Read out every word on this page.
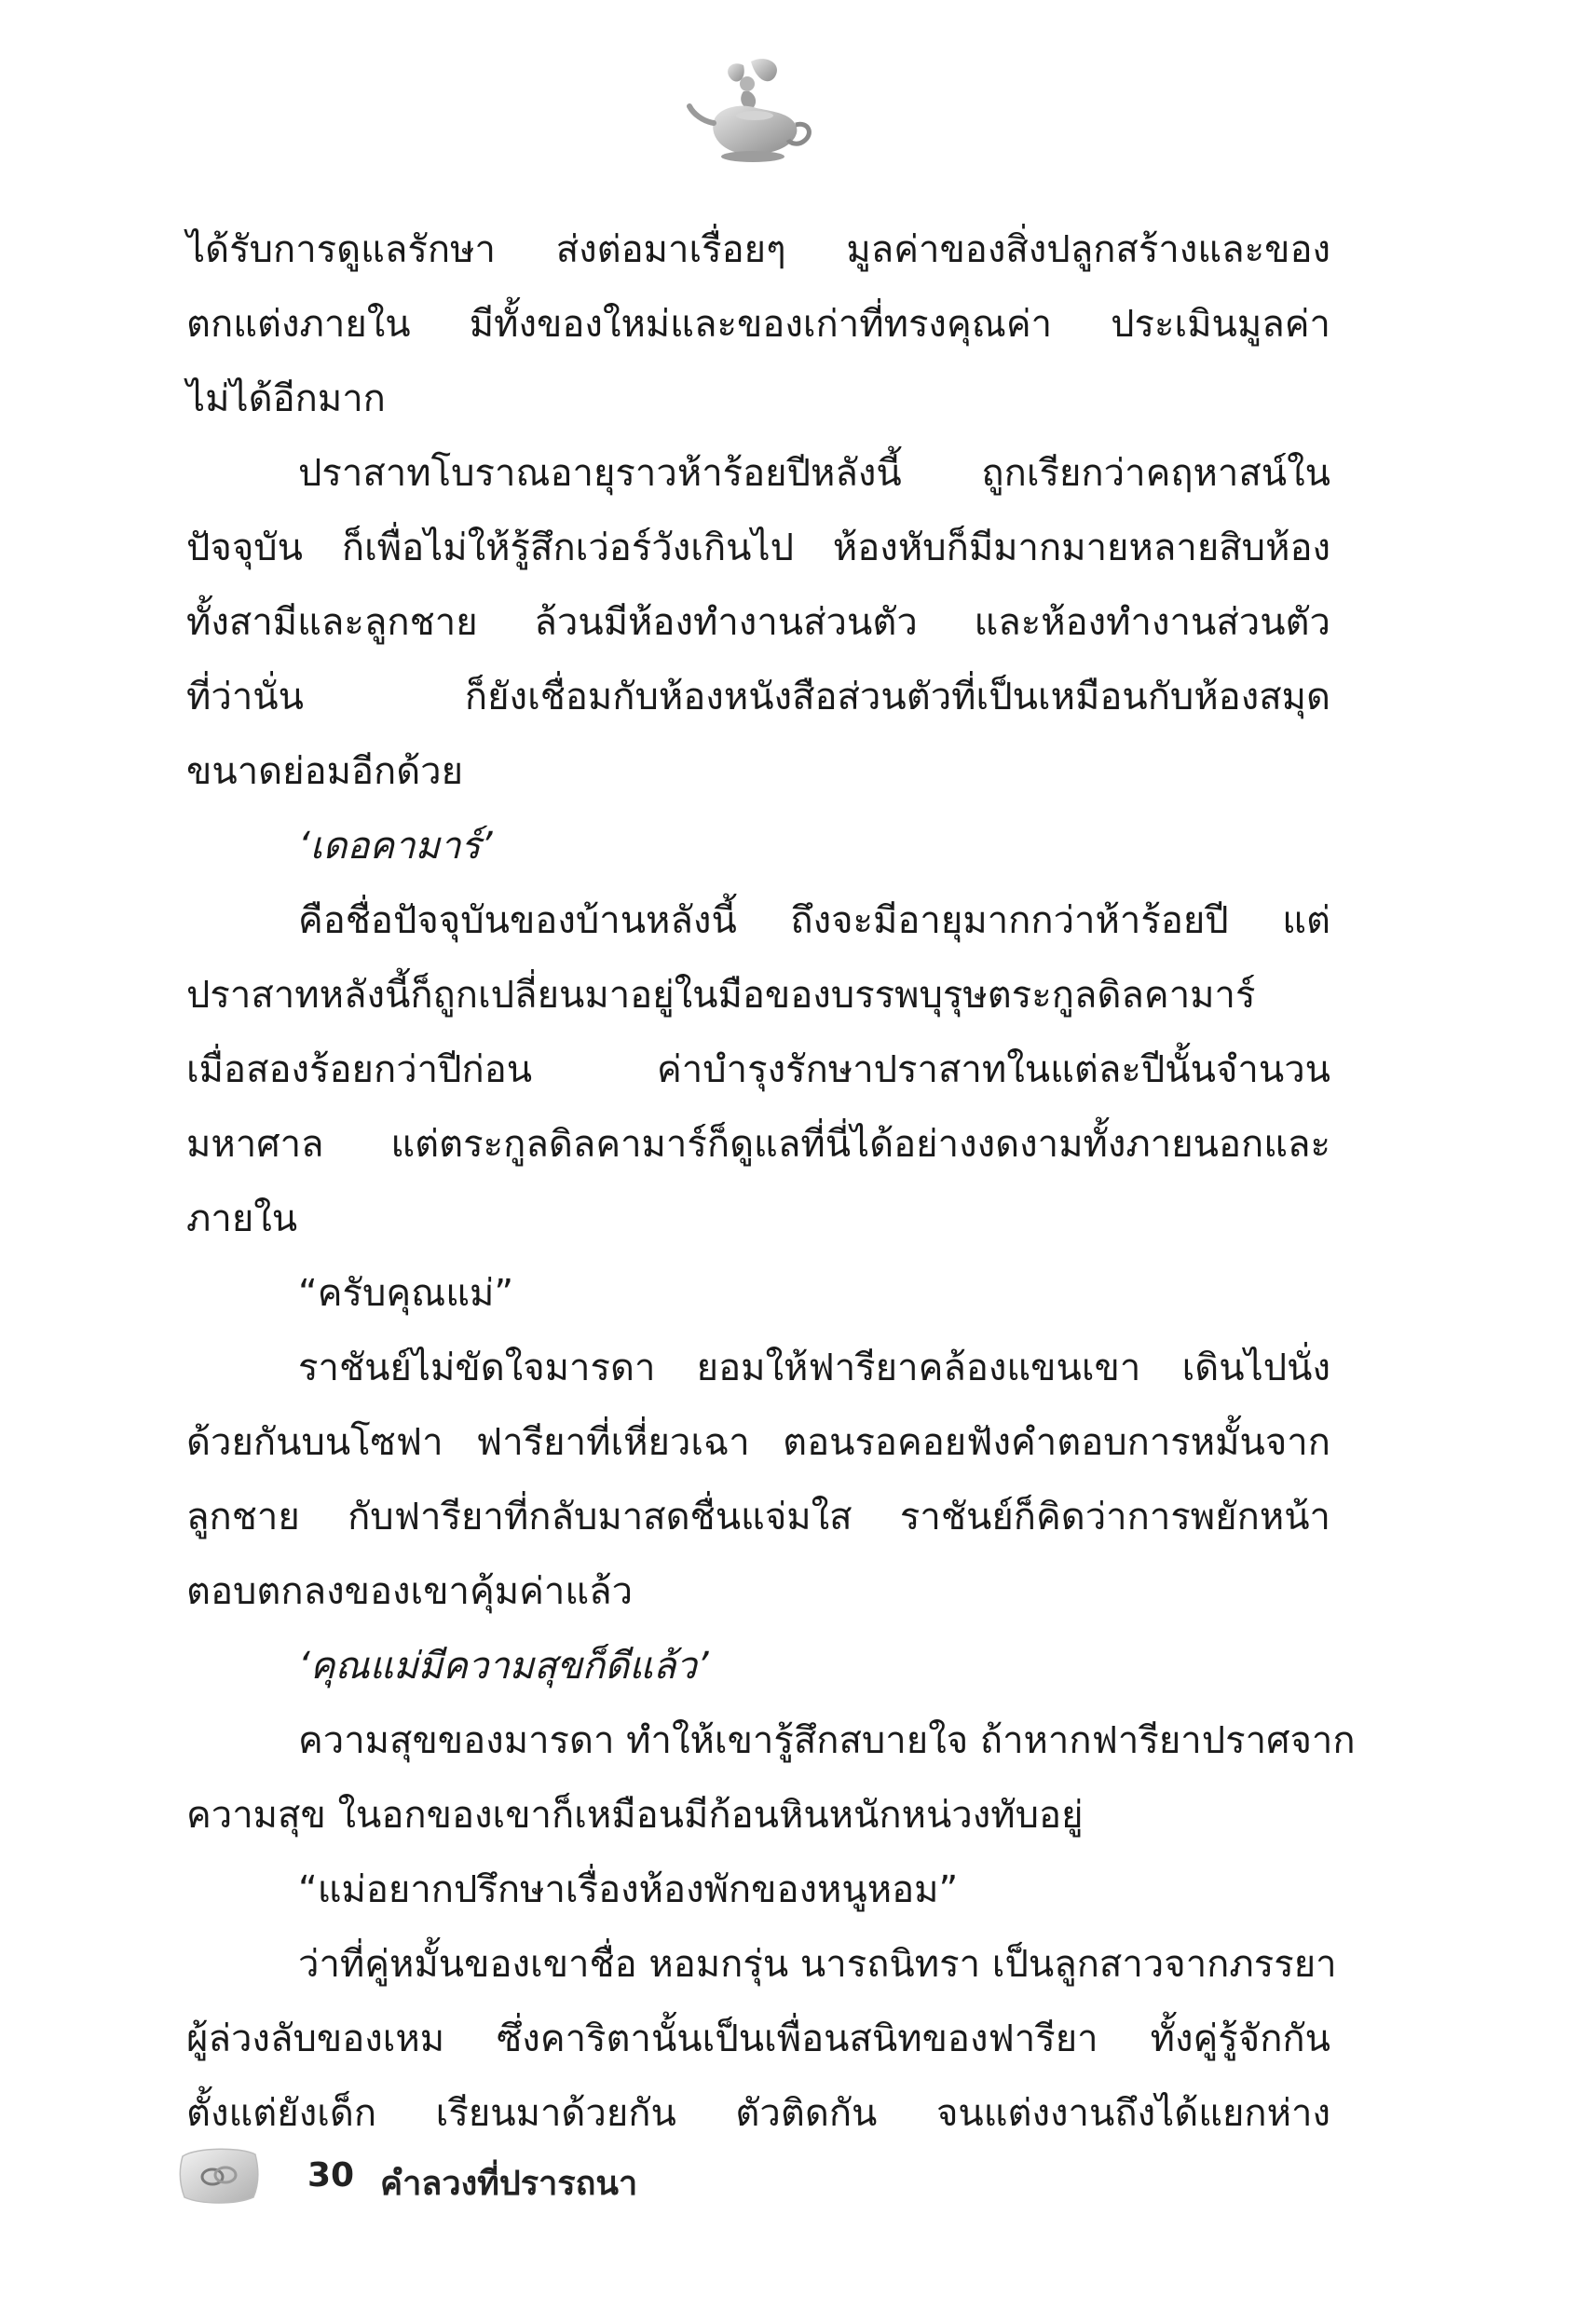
ได้รับการดูแลรักษา ส่งต่อมาเรื่อยๆ มูลค่าของสิ่งปลูกสร้างและของ
ตกแต่งภายใน มีทั้งของใหม่และของเก่าที่ทรงคุณค่า ประเมินมูลค่า
ไม่ได้อีกมาก
ปราสาทโบราณอายุราวห้าร้อยปีหลังนี้ ถูกเรียกว่าคฤหาสน์ใน
ปัจจุบัน ก็เพื่อไม่ให้รู้สึกเว่อร์วังเกินไป ห้องหับก็มีมากมายหลายสิบห้อง
ทั้งสามีและลูกชาย ล้วนมีห้องทำงานส่วนตัว และห้องทำงานส่วนตัว
ที่ว่านั่น ก็ยังเชื่อมกับห้องหนังสือส่วนตัวที่เป็นเหมือนกับห้องสมุด
ขนาดย่อมอีกด้วย
‘เดอคามาร์’
คือชื่อปัจจุบันของบ้านหลังนี้ ถึงจะมีอายุมากกว่าห้าร้อยปี แต่
ปราสาทหลังนี้ก็ถูกเปลี่ยนมาอยู่ในมือของบรรพบุรุษตระกูลดิลคามาร์
เมื่อสองร้อยกว่าปีก่อน ค่าบำรุงรักษาปราสาทในแต่ละปีนั้นจำนวน
มหาศาล แต่ตระกูลดิลคามาร์ก็ดูแลที่นี่ได้อย่างงดงามทั้งภายนอกและ
ภายใน
“ครับคุณแม่”
ราชันย์ไม่ขัดใจมารดา ยอมให้ฟารียาคล้องแขนเขา เดินไปนั่ง
ด้วยกันบนโซฟา ฟารียาที่เหี่ยวเฉา ตอนรอคอยฟังคำตอบการหมั้นจาก
ลูกชาย กับฟารียาที่กลับมาสดชื่นแจ่มใส ราชันย์ก็คิดว่าการพยักหน้า
ตอบตกลงของเขาคุ้มค่าแล้ว
‘คุณแม่มีความสุขก็ดีแล้ว’
ความสุขของมารดา ทำให้เขารู้สึกสบายใจ ถ้าหากฟารียาปราศจาก
ความสุข ในอกของเขาก็เหมือนมีก้อนหินหนักหน่วงทับอยู่
“แม่อยากปรึกษาเรื่องห้องพักของหนูหอม”
ว่าที่คู่หมั้นของเขาชื่อ หอมกรุ่น นารถนิทรา เป็นลูกสาวจากภรรยา
ผู้ล่วงลับของเหม ซึ่งคาริตานั้นเป็นเพื่อนสนิทของฟารียา ทั้งคู่รู้จักกัน
ตั้งแต่ยังเด็ก เรียนมาด้วยกัน ตัวติดกัน จนแต่งงานถึงได้แยกห่าง
30 คำลวงที่ปรารถนา
